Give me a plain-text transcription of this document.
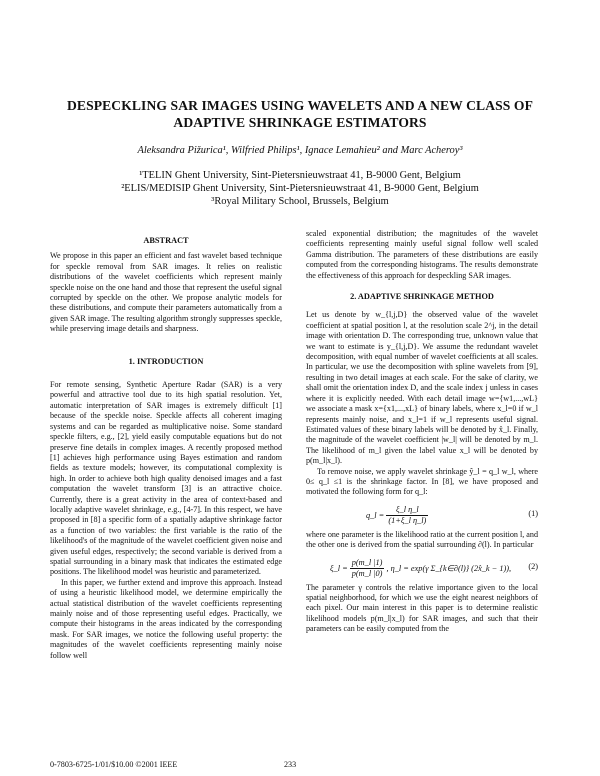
DESPECKLING SAR IMAGES USING WAVELETS AND A NEW CLASS OF
ADAPTIVE SHRINKAGE ESTIMATORS
Aleksandra Pižurica¹, Wilfried Philips¹, Ignace Lemahieu² and Marc Acheroy³
¹TELIN Ghent University, Sint-Pietersnieuwstraat 41, B-9000 Gent, Belgium
²ELIS/MEDISIP Ghent University, Sint-Pietersnieuwstraat 41, B-9000 Gent, Belgium
³Royal Military School, Brussels, Belgium

ABSTRACT

We propose in this paper an efficient and fast wavelet based technique for speckle removal from SAR images. It relies on realistic distributions of the wavelet coefficients which represent mainly speckle noise on the one hand and those that represent the useful signal corrupted by speckle on the other. We propose analytic models for these distributions, and compute their parameters automatically from a given SAR image. The resulting algorithm strongly suppresses speckle, while preserving image details and sharpness.

1. INTRODUCTION

For remote sensing, Synthetic Aperture Radar (SAR) is a very powerful and attractive tool due to its high spatial resolution. Yet, automatic interpretation of SAR images is extremely difficult [1] because of the speckle noise. Speckle affects all coherent imaging systems and can be regarded as multiplicative noise. Some standard speckle filters, e.g., [2], yield easily computable equations but do not preserve fine details in complex images. A recently proposed method [1] achieves high performance using Bayes estimation and random fields as texture models; however, its computational complexity is high. In order to achieve both high quality denoised images and a fast computation the wavelet transform [3] is an attractive choice. Currently, there is a great activity in the area of context-based and locally adaptive wavelet shrinkage, e.g., [4-7]. In this respect, we have proposed in [8] a specific form of a spatially adaptive shrinkage factor as a function of two variables: the first variable is the ratio of the likelihood's of the magnitude of the wavelet coefficient given noise and given useful edges, respectively; the second variable is derived from a spatial surrounding in a binary mask that indicates the estimated edge positions. The likelihood model was heuristic and parameterized.

In this paper, we further extend and improve this approach. Instead of using a heuristic likelihood model, we determine empirically the actual statistical distribution of the wavelet coefficients representing mainly noise and of those representing useful edges. Practically, we compute their histograms in the areas indicated by the corresponding mask. For SAR images, we notice the following useful property: the magnitudes of the wavelet coefficients representing mainly noise follow well

scaled exponential distribution; the magnitudes of the wavelet coefficients representing mainly useful signal follow well scaled Gamma distribution. The parameters of these distributions are easily computed from the corresponding histograms. The results demonstrate the effectiveness of this approach for despeckling SAR images.

2. ADAPTIVE SHRINKAGE METHOD

Let us denote by w_{l,j,D} the observed value of the wavelet coefficient at spatial position l, at the resolution scale 2^j, in the detail image with orientation D. The corresponding true, unknown value that we want to estimate is y_{l,j,D}. We assume the redundant wavelet decomposition, with equal number of wavelet coefficients at all scales. In particular, we use the decomposition with spline wavelets from [9], resulting in two detail images at each scale. For the sake of clarity, we shall omit the orientation index D, and the scale index j unless in cases where it is explicitly needed. With each detail image w={w1,...,wL} we associate a mask x={x1,...,xL} of binary labels, where x_l=0 if w_l represents mainly noise, and x_l=1 if w_l represents useful signal. Estimated values of these binary labels will be denoted by x̂_l. Finally, the magnitude of the wavelet coefficient |w_l| will be denoted by m_l. The likelihood of m_l given the label value x_l will be denoted by p(m_l|x_l).

To remove noise, we apply wavelet shrinkage ŷ_l = q_l w_l, where 0≤ q_l ≤1 is the shrinkage factor. In [8], we have proposed and motivated the following form for q_l:

q_l = $\frac{\text{ξ\_l η\_l}}{\text{(1+ξ\_l η\_l)}}$	(1)

where one parameter is the likelihood ratio at the current position l, and the other one is derived from the spatial surrounding ∂(l). In particular

ξ_l = $\frac{p(m\_l |1)}{p(m\_l |0)}$ , η_l = exp(γ Σ_{k∈∂(l)} (2x̂_k − 1)), (2)

The parameter γ controls the relative importance given to the local spatial neighborhood, for which we use the eight nearest neighbors of each pixel. Our main interest in this paper is to determine realistic likelihood models p(m_l|x_l) for SAR images, and such that their parameters can be easily computed from the

0-7803-6725-1/01/$10.00 ©2001 IEEE	233
